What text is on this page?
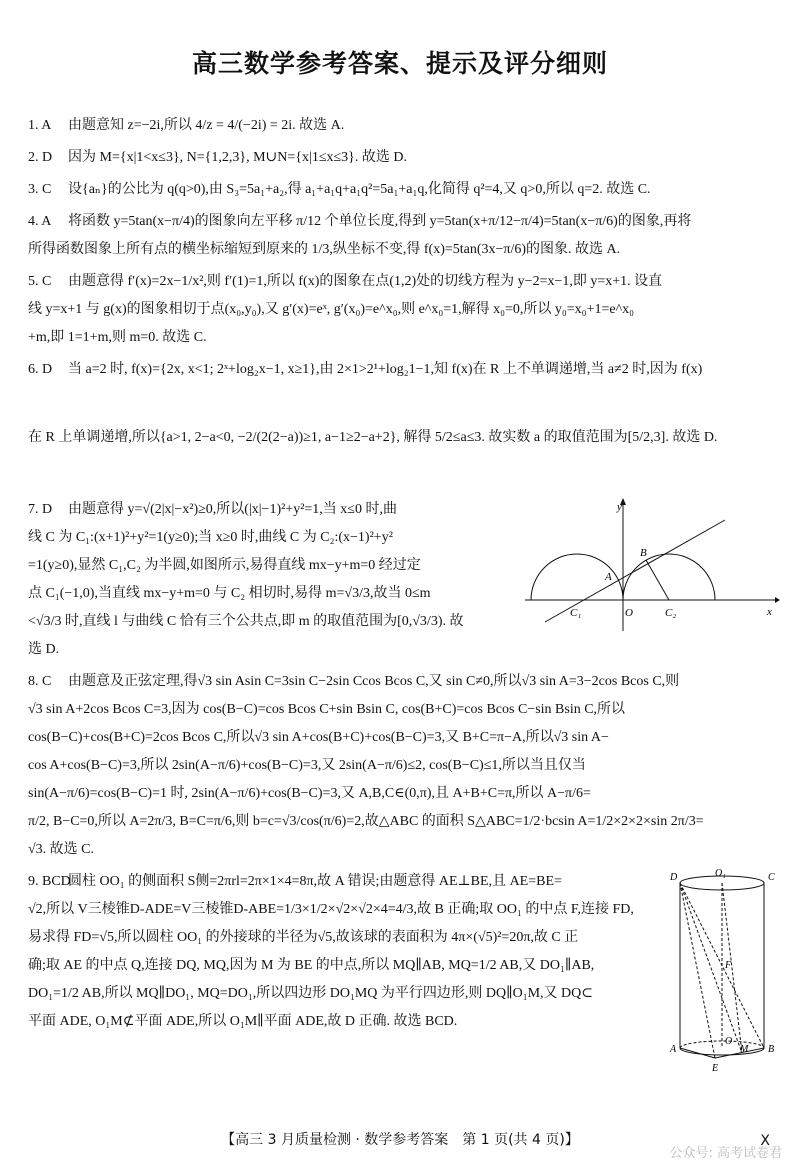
高三数学参考答案、提示及评分细则
1. A 由题意知 z=−2i,所以 4/z = 4/(−2i) = 2i. 故选 A.
2. D 因为 M={x|1<x≤3}, N={1,2,3}, M∪N={x|1≤x≤3}. 故选 D.
3. C 设{aₙ}的公比为 q(q>0),由 S₃=5a₁+a₂,得 a₁+a₁q+a₁q²=5a₁+a₁q,化简得 q²=4,又 q>0,所以 q=2. 故选 C.
4. A 将函数 y=5tan(x−π/4)的图象向左平移 π/12 个单位长度,得到 y=5tan(x+π/12−π/4)=5tan(x−π/6)的图象,再将
所得函数图象上所有点的横坐标缩短到原来的 1/3,纵坐标不变,得 f(x)=5tan(3x−π/6)的图象. 故选 A.
5. C 由题意得 f′(x)=2x−1/x²,则 f′(1)=1,所以 f(x)的图象在点(1,2)处的切线方程为 y−2=x−1,即 y=x+1. 设直
线 y=x+1 与 g(x)的图象相切于点(x₀,y₀),又 g′(x)=eˣ, g′(x₀)=e^x₀,则 e^x₀=1,解得 x₀=0,所以 y₀=x₀+1=e^x₀
+m,即 1=1+m,则 m=0. 故选 C.
6. D 当 a=2 时, f(x)={2x, x<1; 2ˣ+log₂x−1, x≥1},由 2×1>2¹+log₂1−1,知 f(x)在 R 上不单调递增,当 a≠2 时,因为 f(x)
在 R 上单调递增,所以{a>1, 2−a<0, −2/(2(2−a))≥1, a−1≥2−a+2}, 解得 5/2≤a≤3. 故实数 a 的取值范围为[5/2,3]. 故选 D.
7. D 由题意得 y=√(2|x|−x²)≥0,所以(|x|−1)²+y²=1,当 x≤0 时,曲
线 C 为 C₁:(x+1)²+y²=1(y≥0);当 x≥0 时,曲线 C 为 C₂:(x−1)²+y²
=1(y≥0),显然 C₁,C₂ 为半圆,如图所示,易得直线 mx−y+m=0 经过定
点 C₁(−1,0),当直线 mx−y+m=0 与 C₂ 相切时,易得 m=√3/3,故当 0≤m
<√3/3 时,直线 l 与曲线 C 恰有三个公共点,即 m 的取值范围为[0,√3/3). 故
选 D.
y
x
A
B
C₁	O	C₂
8. C 由题意及正弦定理,得√3 sin Asin C=3sin C−2sin Ccos Bcos C,又 sin C≠0,所以√3 sin A=3−2cos Bcos C,则
√3 sin A+2cos Bcos C=3,因为 cos(B−C)=cos Bcos C+sin Bsin C, cos(B+C)=cos Bcos C−sin Bsin C,所以
cos(B−C)+cos(B+C)=2cos Bcos C,所以√3 sin A+cos(B+C)+cos(B−C)=3,又 B+C=π−A,所以√3 sin A−
cos A+cos(B−C)=3,所以 2sin(A−π/6)+cos(B−C)=3,又 2sin(A−π/6)≤2, cos(B−C)≤1,所以当且仅当
sin(A−π/6)=cos(B−C)=1 时, 2sin(A−π/6)+cos(B−C)=3,又 A,B,C∈(0,π),且 A+B+C=π,所以 A−π/6=
π/2, B−C=0,所以 A=2π/3, B=C=π/6,则 b=c=√3/cos(π/6)=2,故△ABC 的面积 S△ABC=1/2·bcsin A=1/2×2×2×sin 2π/3=
√3. 故选 C.
9. BCD圆柱 OO₁ 的侧面积 S侧=2πrl=2π×1×4=8π,故 A 错误;由题意得 AE⊥BE,且 AE=BE=
√2,所以 V三棱锥D-ADE=V三棱锥D-ABE=1/3×1/2×√2×√2×4=4/3,故 B 正确;取 OO₁ 的中点 F,连接 FD,
易求得 FD=√5,所以圆柱 OO₁ 的外接球的半径为√5,故该球的表面积为 4π×(√5)²=20π,故 C 正
确;取 AE 的中点 Q,连接 DQ, MQ,因为 M 为 BE 的中点,所以 MQ∥AB, MQ=1/2 AB,又 DO₁∥AB,
DO₁=1/2 AB,所以 MQ∥DO₁, MQ=DO₁,所以四边形 DO₁MQ 为平行四边形,则 DQ∥O₁M,又 DQ⊂
平面 ADE, O₁M⊄平面 ADE,所以 O₁M∥平面 ADE,故 D 正确. 故选 BCD.
D	O₁	C
F
A
O
M B
E
【高三 3 月质量检测 · 数学参考答案　第 1 页(共 4 页)】	X
公众号: 高考试卷君
